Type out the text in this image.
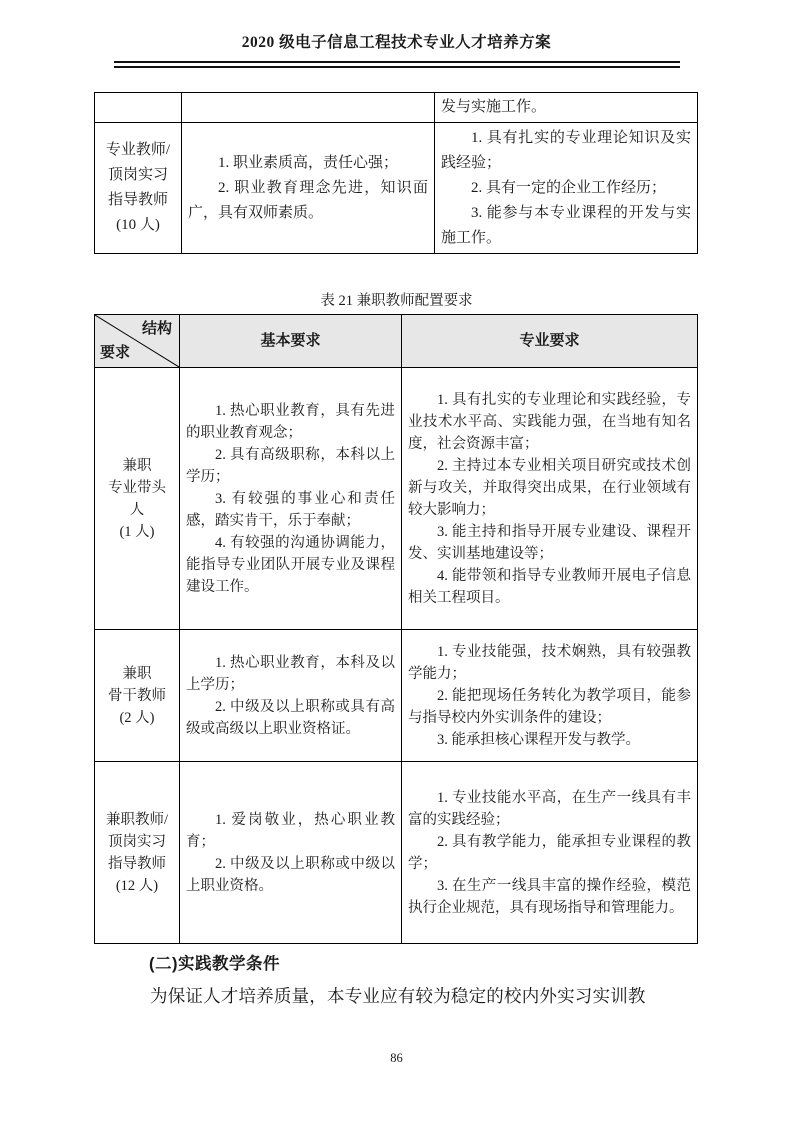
2020 级电子信息工程技术专业人才培养方案

发与实施工作。

专业教师/
顶岗实习
指导教师
(10 人)

1. 职业素质高，责任心强；

2. 职业教育理念先进，知识面广，具有双师素质。

1. 具有扎实的专业理论知识及实践经验；

2. 具有一定的企业工作经历；

3. 能参与本专业课程的开发与实施工作。

表 21 兼职教师配置要求
结构
要求
基本要求	专业要求
兼职
专业带头
人
(1 人)

1. 热心职业教育，具有先进的职业教育观念；

2. 具有高级职称，本科以上学历；

3. 有较强的事业心和责任感，踏实肯干，乐于奉献；

4. 有较强的沟通协调能力，能指导专业团队开展专业及课程建设工作。

1. 具有扎实的专业理论和实践经验，专业技术水平高、实践能力强，在当地有知名度，社会资源丰富；

2. 主持过本专业相关项目研究或技术创新与攻关，并取得突出成果，在行业领域有较大影响力；

3. 能主持和指导开展专业建设、课程开发、实训基地建设等；

4. 能带领和指导专业教师开展电子信息相关工程项目。

兼职
骨干教师
(2 人)

1. 热心职业教育，本科及以上学历；

2. 中级及以上职称或具有高级或高级以上职业资格证。

1. 专业技能强，技术娴熟，具有较强教学能力；

2. 能把现场任务转化为教学项目，能参与指导校内外实训条件的建设；

3. 能承担核心课程开发与教学。

兼职教师/
顶岗实习
指导教师
(12 人)

1. 爱岗敬业，热心职业教育；

2. 中级及以上职称或中级以上职业资格。

1. 专业技能水平高，在生产一线具有丰富的实践经验；

2. 具有教学能力，能承担专业课程的教学；

3. 在生产一线具丰富的操作经验，模范执行企业规范，具有现场指导和管理能力。

(二)实践教学条件
为保证人才培养质量，本专业应有较为稳定的校内外实习实训教
86
